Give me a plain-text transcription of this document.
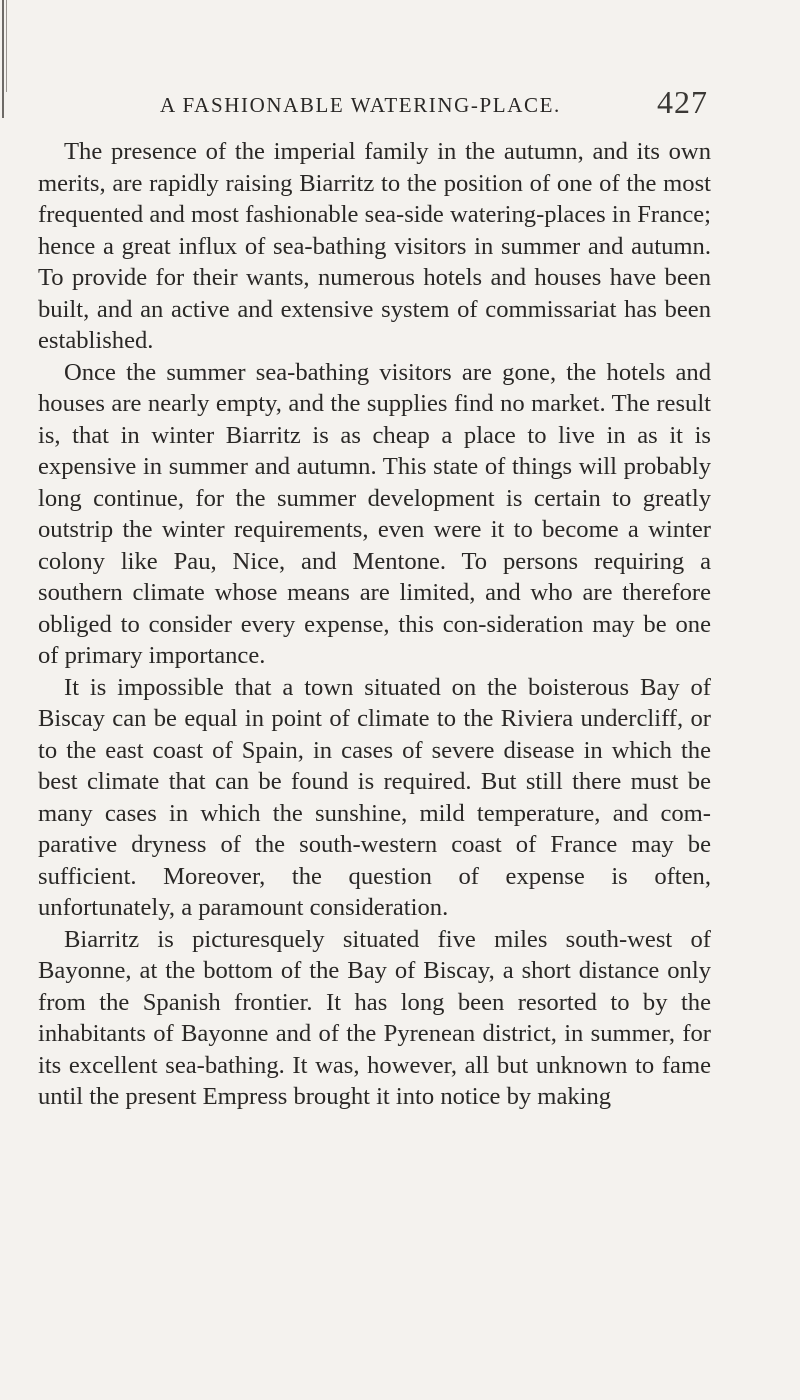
A FASHIONABLE WATERING-PLACE.	427

The presence of the imperial family in the autumn, and its own merits, are rapidly raising Biarritz to the position of one of the most frequented and most fashionable sea-side watering-places in France; hence a great influx of sea-bathing visitors in summer and autumn. To provide for their wants, numerous hotels and houses have been built, and an active and extensive system of commissariat has been established.

Once the summer sea-bathing visitors are gone, the hotels and houses are nearly empty, and the supplies find no market. The result is, that in winter Biarritz is as cheap a place to live in as it is expensive in summer and autumn. This state of things will probably long continue, for the summer development is certain to greatly outstrip the winter requirements, even were it to become a winter colony like Pau, Nice, and Mentone. To persons requiring a southern climate whose means are limited, and who are therefore obliged to consider every expense, this con-sideration may be one of primary importance.

It is impossible that a town situated on the boisterous Bay of Biscay can be equal in point of climate to the Riviera undercliff, or to the east coast of Spain, in cases of severe disease in which the best climate that can be found is required. But still there must be many cases in which the sunshine, mild temperature, and com-parative dryness of the south-western coast of France may be sufficient. Moreover, the question of expense is often, unfortunately, a paramount consideration.

Biarritz is picturesquely situated five miles south-west of Bayonne, at the bottom of the Bay of Biscay, a short distance only from the Spanish frontier. It has long been resorted to by the inhabitants of Bayonne and of the Pyrenean district, in summer, for its excellent sea-bathing. It was, however, all but unknown to fame until the present Empress brought it into notice by making
